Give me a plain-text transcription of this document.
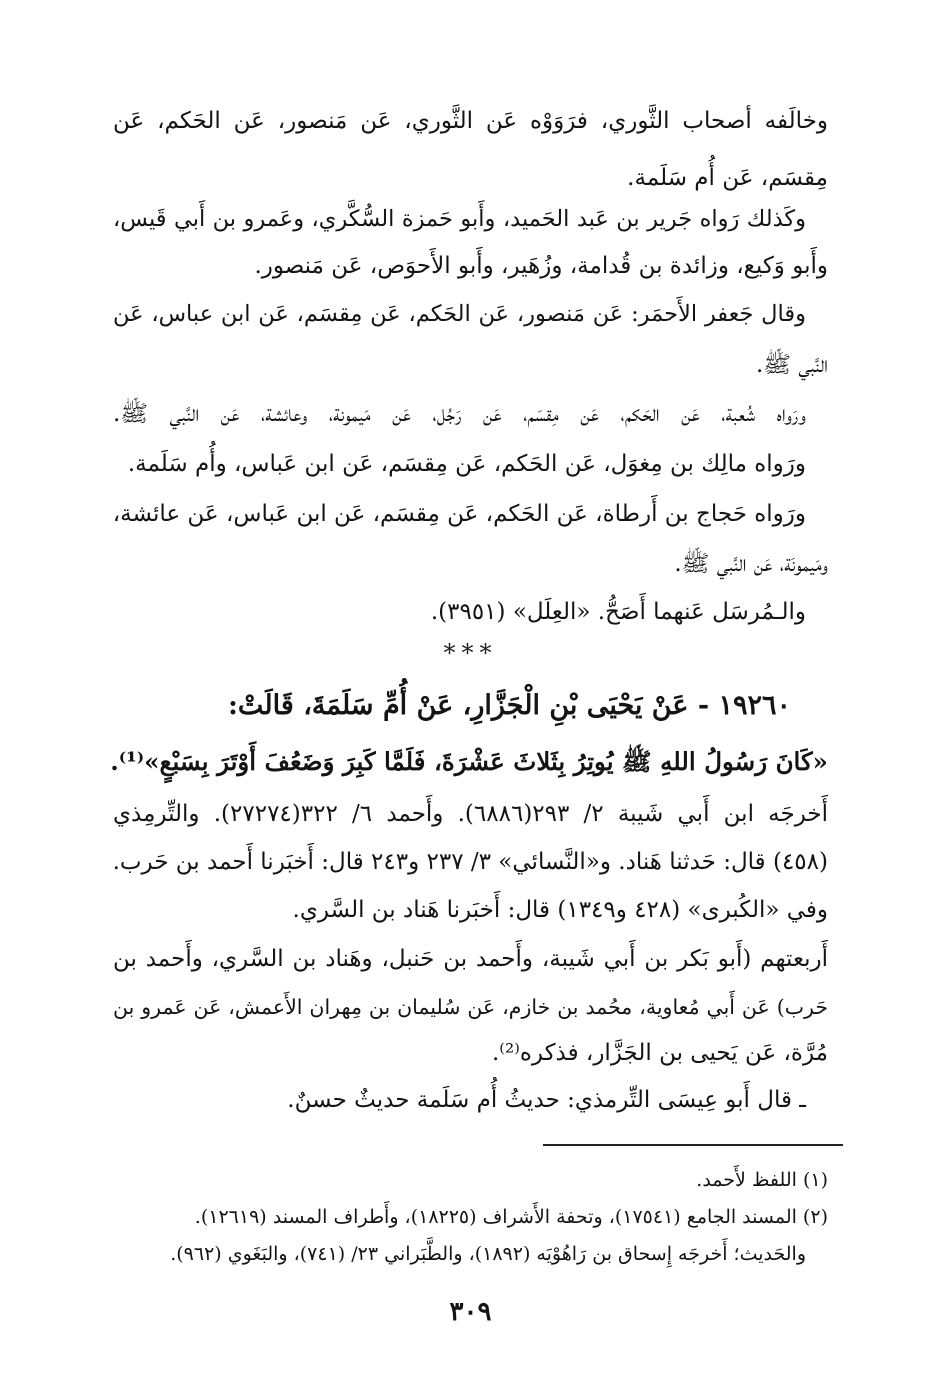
وخالَفه أصحاب الثَّوري، فرَوَوْه عَن الثَّوري، عَن مَنصور، عَن الحَكم، عَن
مِقسَم، عَن أُم سَلَمة.
وكَذلك رَواه جَرير بن عَبد الحَميد، وأَبو حَمزة السُّكَّري، وعَمرو بن أَبي قَيس،
وأَبو وَكيع، وزائدة بن قُدامة، وزُهَير، وأَبو الأَحوَص، عَن مَنصور.
وقال جَعفر الأَحمَر: عَن مَنصور، عَن الحَكم، عَن مِقسَم، عَن ابن عباس، عَن
النَّبي ﷺ.
ورَواه شُعبة، عَن الحَكم، عَن مِقسَم، عَن رَجُل، عَن مَيمونة، وعائشة، عَن النَّبي ﷺ.
ورَواه مالِك بن مِغوَل، عَن الحَكم، عَن مِقسَم، عَن ابن عَباس، وأُم سَلَمة.
ورَواه حَجاج بن أَرطاة، عَن الحَكم، عَن مِقسَم، عَن ابن عَباس، عَن عائشة،
ومَيمونَة، عَن النَّبي ﷺ.
والـمُرسَل عَنهما أَصَحُّ. «العِلَل» (٣٩٥١).
***
١٩٢٦٠ - عَنْ يَحْيَى بْنِ الْجَزَّارِ، عَنْ أُمِّ سَلَمَةَ، قَالَتْ:
«كَانَ رَسُولُ اللهِ ﷺ يُوتِرُ بِثَلاثَ عَشْرَةَ، فَلَمَّا كَبِرَ وَضَعُفَ أَوْتَرَ بِسَبْعٍ»⁽¹⁾.
أَخرجَه ابن أَبي شَيبة ٢/ ٢٩٣(٦٨٨٦). وأَحمد ٦/ ٣٢٢(٢٧٢٧٤). والتِّرمِذي
(٤٥٨) قال: حَدثنا هَناد. و«النَّسائي» ٣/ ٢٣٧ و٢٤٣ قال: أَخبَرنا أَحمد بن حَرب.
وفي «الكُبرى» (٤٢٨ و١٣٤٩) قال: أَخبَرنا هَناد بن السَّري.
أَربعتهم (أَبو بَكر بن أَبي شَيبة، وأَحمد بن حَنبل، وهَناد بن السَّري، وأَحمد بن
حَرب) عَن أَبي مُعاوية، محُمد بن خازم، عَن سُليمان بن مِهران الأَعمش، عَن عَمرو بن
مُرَّة، عَن يَحيى بن الجَزَّار، فذكره⁽²⁾.
ـ قال أَبو عِيسَى التِّرمذي: حديثُ أُم سَلَمة حديثٌ حسنٌ.
(١) اللفظ لأَحمد.
(٢) المسند الجامع (١٧٥٤١)، وتحفة الأَشراف (١٨٢٢٥)، وأَطراف المسند (١٢٦١٩).
والحَديث؛ أَخرجَه إِسحاق بن رَاهُوْيَه (١٨٩٢)، والطَّبَراني ٢٣/ (٧٤١)، والبَغَوي (٩٦٢).
٣٠٩
